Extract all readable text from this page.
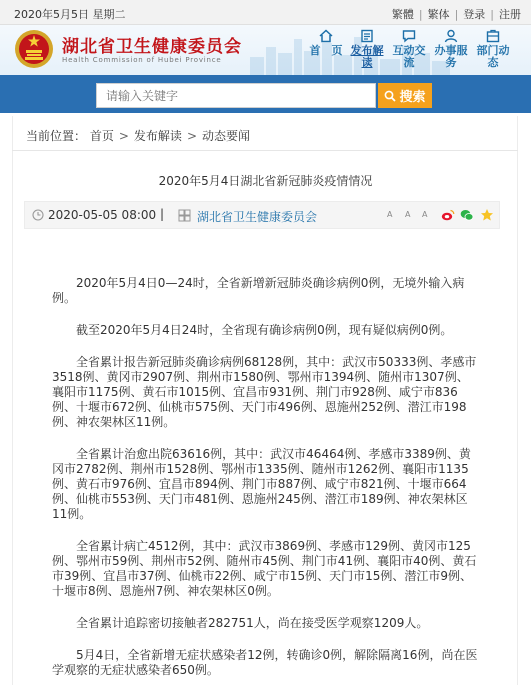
2020年5月5日 星期二	繁體 | 繁体 | 登录 | 注册
湖北省卫生健康委员会
Health Commission of Hubei Province
首　页 发布解读
互动交流
办事服务
部门动态
请输入关键字
搜索
当前位置： 首页 > 发布解读 > 动态要闻
2020年5月4日湖北省新冠肺炎疫情情况
2020-05-05 08:00 |	湖北省卫生健康委员会	A A A

2020年5月4日0—24时，全省新增新冠肺炎确诊病例0例，无境外输入病例。

截至2020年5月4日24时，全省现有确诊病例0例，现有疑似病例0例。

全省累计报告新冠肺炎确诊病例68128例，其中：武汉市50333例、孝感市3518例、黄冈市2907例、荆州市1580例、鄂州市1394例、随州市1307例、襄阳市1175例、黄石市1015例、宜昌市931例、荆门市928例、咸宁市836例、十堰市672例、仙桃市575例、天门市496例、恩施州252例、潜江市198例、神农架林区11例。

全省累计治愈出院63616例，其中：武汉市46464例、孝感市3389例、黄冈市2782例、荆州市1528例、鄂州市1335例、随州市1262例、襄阳市1135例、黄石市976例、宜昌市894例、荆门市887例、咸宁市821例、十堰市664例、仙桃市553例、天门市481例、恩施州245例、潜江市189例、神农架林区11例。

全省累计病亡4512例，其中：武汉市3869例、孝感市129例、黄冈市125例、鄂州市59例、荆州市52例、随州市45例、荆门市41例、襄阳市40例、黄石市39例、宜昌市37例、仙桃市22例、咸宁市15例、天门市15例、潜江市9例、十堰市8例、恩施州7例、神农架林区0例。

全省累计追踪密切接触者282751人，尚在接受医学观察1209人。

5月4日，全省新增无症状感染者12例，转确诊0例，解除隔离16例，尚在医学观察的无症状感染者650例。
